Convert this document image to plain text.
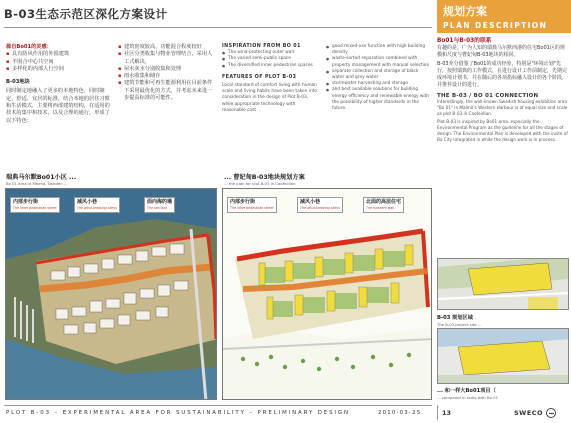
B-03生态示范区深化方案设计	规划方案
PLAN DESCRIPTION
源自Bo01的灵感：
▪ 具有防风作用的外围建筑
▪ 半围合中心共空间
▪ 多样化的内部人行空间
B-03地块

同时制定地融入了更多的本地特色，同时制定，舒适、宜居的标准，结合本地的居住习惯和生活模式，主要将西部建筑结构，在适用的技术的集中和技术，以及合理的通行，形成了以下特色：

▪ 建筑密度较高，功能混合程度较好
▪ 社区分类收集与物业管理结合，采用人工式解决，
▪ 屋水灰水分别收集和处理
▪ 雨水收集和储存
▪ 建筑节能和可再生能源利用在目前条件下采用最优化的方式，并考虑未来进一步提高标准的可能性。
INSPIRATION FROM BO 01
● The wind-protecting outer wall
● The varied semi-public space
● The diversified inner pedestrian spaces
FEATURES OF PLOT B-03

Local standard of comfort living with human scale and living habits have been taken into consideration in the design of Plot B-03, while appropriate technology with reasonable cost

● good mixed-use function with high building density
● waste-sorted separation combined with property management with manual selection
● separate collection and storage of black water and grey water
● stormwater harvesting and storage
● and best available solutions for building energy efficiency and renewable energy with the possibility of higher standards in the future.
Bo01与B-03的联系

有趣的是，广为人知的瑞典马尔默西港的住宅Bo01区的规模和尺度与曹妃甸B-03地块的相同。

B-03充分借鉴了Bo01的成功经验，特别是"环境计划"先行，按照瑞典的工作模式，在进行设计工作前制定，先期完成环境计划书，并在随后的各项指标融入设计的各个阶段，并推荐设计的进行。

THE B-03 / BO 01 CONNECTION

Interestingly, the well-known Swedish housing exhibition area "Bo 01" in Malmö's Western Harbour is of equal size and scale as plot B-03 in Caofeidian.

Plot B-03 is inspired by Bo01 area, especially the Environmental Program as the guideline for all the stages of design. The Environmental Plan is developed with the insite of Bo City integrated in while the design work is in process.

瑞典马尔默Bo01小区 ...
Bo 01 area in Malmö, Sweden ...
内部步行街
The inner pedestrian street
减风小巷
The wind-breaking alleys
面向海的墙
The sea wall
... 曹妃甸B-03地块规划方案
... the plan for plot B-03 in Caofeidian
内部步行街
The inner pedestrian street
减风小巷
The wind-breaking alleys
北面的高层住宅
The northern wall
B-03 规划区域
The B-03 project site ...
... 和一样大Bo01项目（
... compared in scale with Bo 01
PLOT B-03 – EXPERIMENTAL AREA FOR SUSTAINABILITY – PRELIMINARY DESIGN	2010-03-25	13	SWECO
